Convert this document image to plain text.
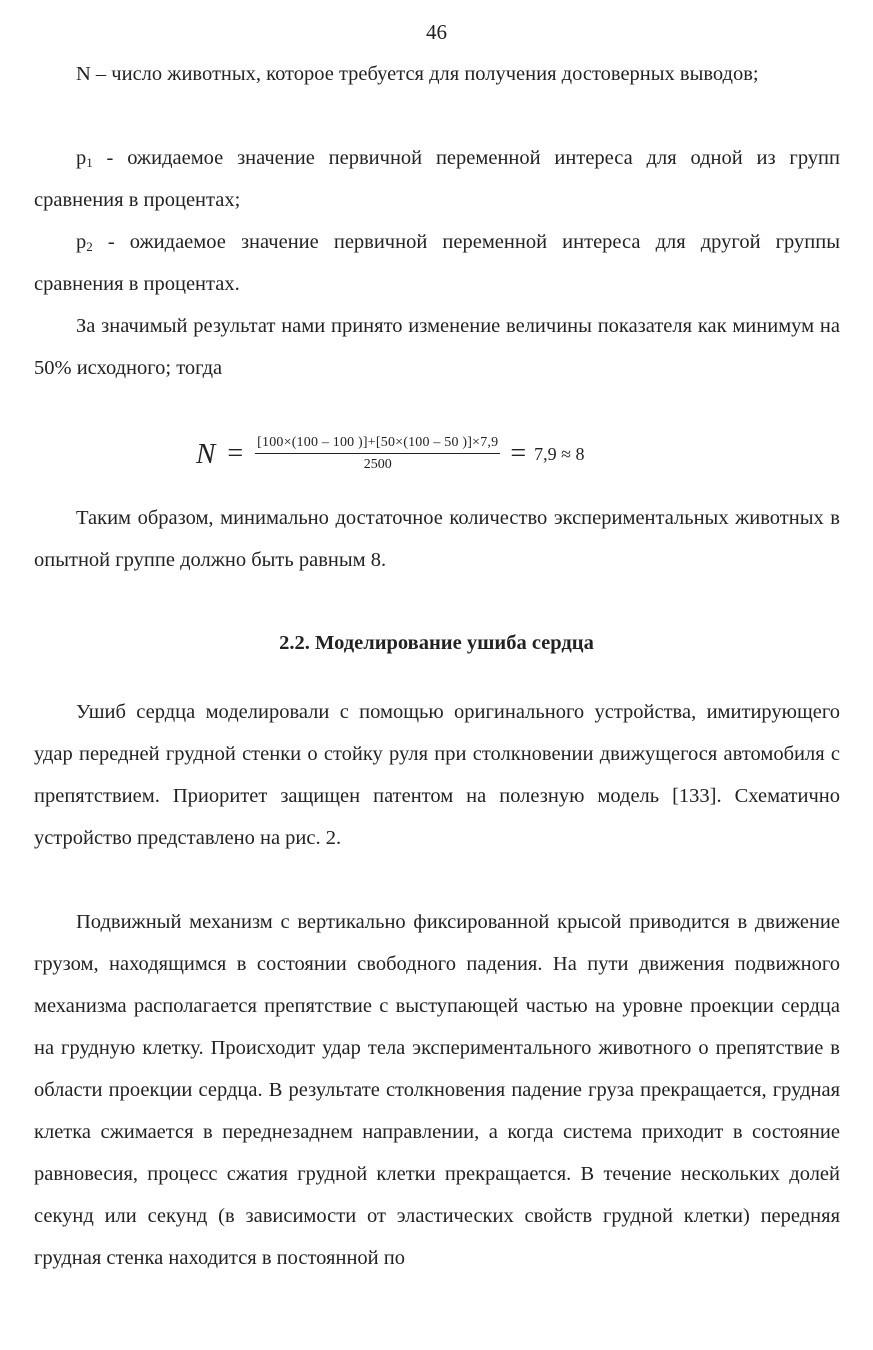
46
N – число животных, которое требуется для получения достоверных выводов;
$p_1$ - ожидаемое значение первичной переменной интереса для одной из групп сравнения в процентах;
$p_2$ - ожидаемое значение первичной переменной интереса для другой группы сравнения в процентах.
За значимый результат нами принято изменение величины показателя как минимум на 50% исходного; тогда
$N = \frac{[100\times(100 - 100 )]+[50\times(100 - 50 )]\times 7,9}{2500} = 7,9 \approx 8$
Таким образом, минимально достаточное количество экспериментальных животных в опытной группе должно быть равным 8.
2.2. Моделирование ушиба сердца
Ушиб сердца моделировали с помощью оригинального устройства, имитирующего удар передней грудной стенки о стойку руля при столкновении движущегося автомобиля с препятствием. Приоритет защищен патентом на полезную модель [133]. Схематично устройство представлено на рис. 2.
Подвижный механизм с вертикально фиксированной крысой приводится в движение грузом, находящимся в состоянии свободного падения. На пути движения подвижного механизма располагается препятствие с выступающей частью на уровне проекции сердца на грудную клетку. Происходит удар тела экспериментального животного о препятствие в области проекции сердца. В результате столкновения падение груза прекращается, грудная клетка сжимается в переднезаднем направлении, а когда система приходит в состояние равновесия, процесс сжатия грудной клетки прекращается. В течение нескольких долей секунд или секунд (в зависимости от эластических свойств грудной клетки) передняя грудная стенка находится в постоянной по
